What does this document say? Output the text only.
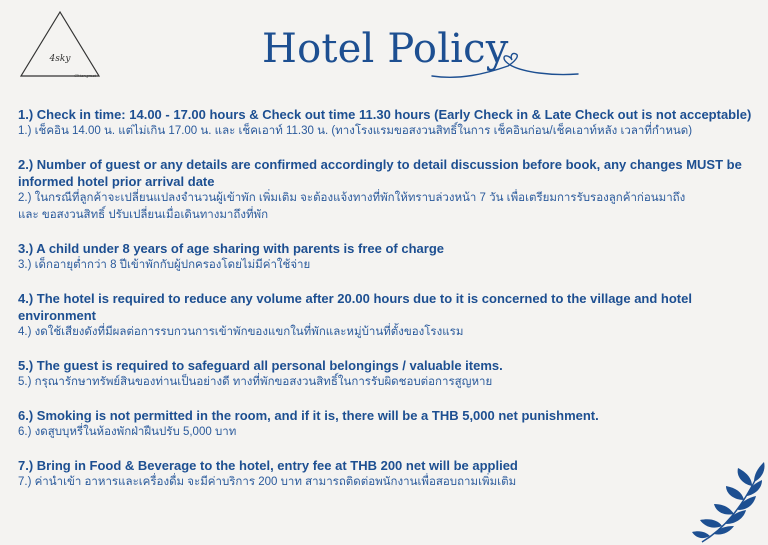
4sky
Chiangmai
Hotel Policy
1.) Check in time: 14.00 - 17.00 hours & Check out time 11.30 hours (Early Check in & Late Check out is not acceptable)
1.) เช็คอิน 14.00 น. แต่ไม่เกิน 17.00 น. และ เช็คเอาท์ 11.30 น. (ทางโรงแรมขอสงวนสิทธิ์ในการ เช็คอินก่อน/เช็คเอาท์หลัง เวลาที่กำหนด)
2.) Number of guest or any details are confirmed accordingly to detail discussion before book, any changes MUST be informed hotel prior arrival date
2.) ในกรณีที่ลูกค้าจะเปลี่ยนแปลงจำนวนผู้เข้าพัก เพิ่มเติม จะต้องแจ้งทางที่พักให้ทราบล่วงหน้า 7 วัน เพื่อเตรียมการรับรองลูกค้าก่อนมาถึง
และ ขอสงวนสิทธิ์ ปรับเปลี่ยนเมื่อเดินทางมาถึงที่พัก
3.) A child under 8 years of age sharing with parents is free of charge
3.) เด็กอายุต่ำกว่า 8 ปีเข้าพักกับผู้ปกครองโดยไม่มีค่าใช้จ่าย
4.) The hotel is required to reduce any volume after 20.00 hours due to it is concerned to the village and hotel environment
4.) งดใช้เสียงดังที่มีผลต่อการรบกวนการเข้าพักของแขกในที่พักและหมู่บ้านที่ตั้งของโรงแรม
5.) The guest is required to safeguard all personal belongings / valuable items.
5.) กรุณารักษาทรัพย์สินของท่านเป็นอย่างดี ทางที่พักขอสงวนสิทธิ์ในการรับผิดชอบต่อการสูญหาย
6.) Smoking is not permitted in the room, and if it is, there will be a THB 5,000 net punishment.
6.) งดสูบบุหรี่ในห้องพักฝ่าฝืนปรับ 5,000 บาท
7.) Bring in Food & Beverage to the hotel, entry fee at THB 200 net will be applied
7.) ค่านำเข้า อาหารและเครื่องดื่ม จะมีค่าบริการ 200 บาท สามารถติดต่อพนักงานเพื่อสอบถามเพิ่มเติม
